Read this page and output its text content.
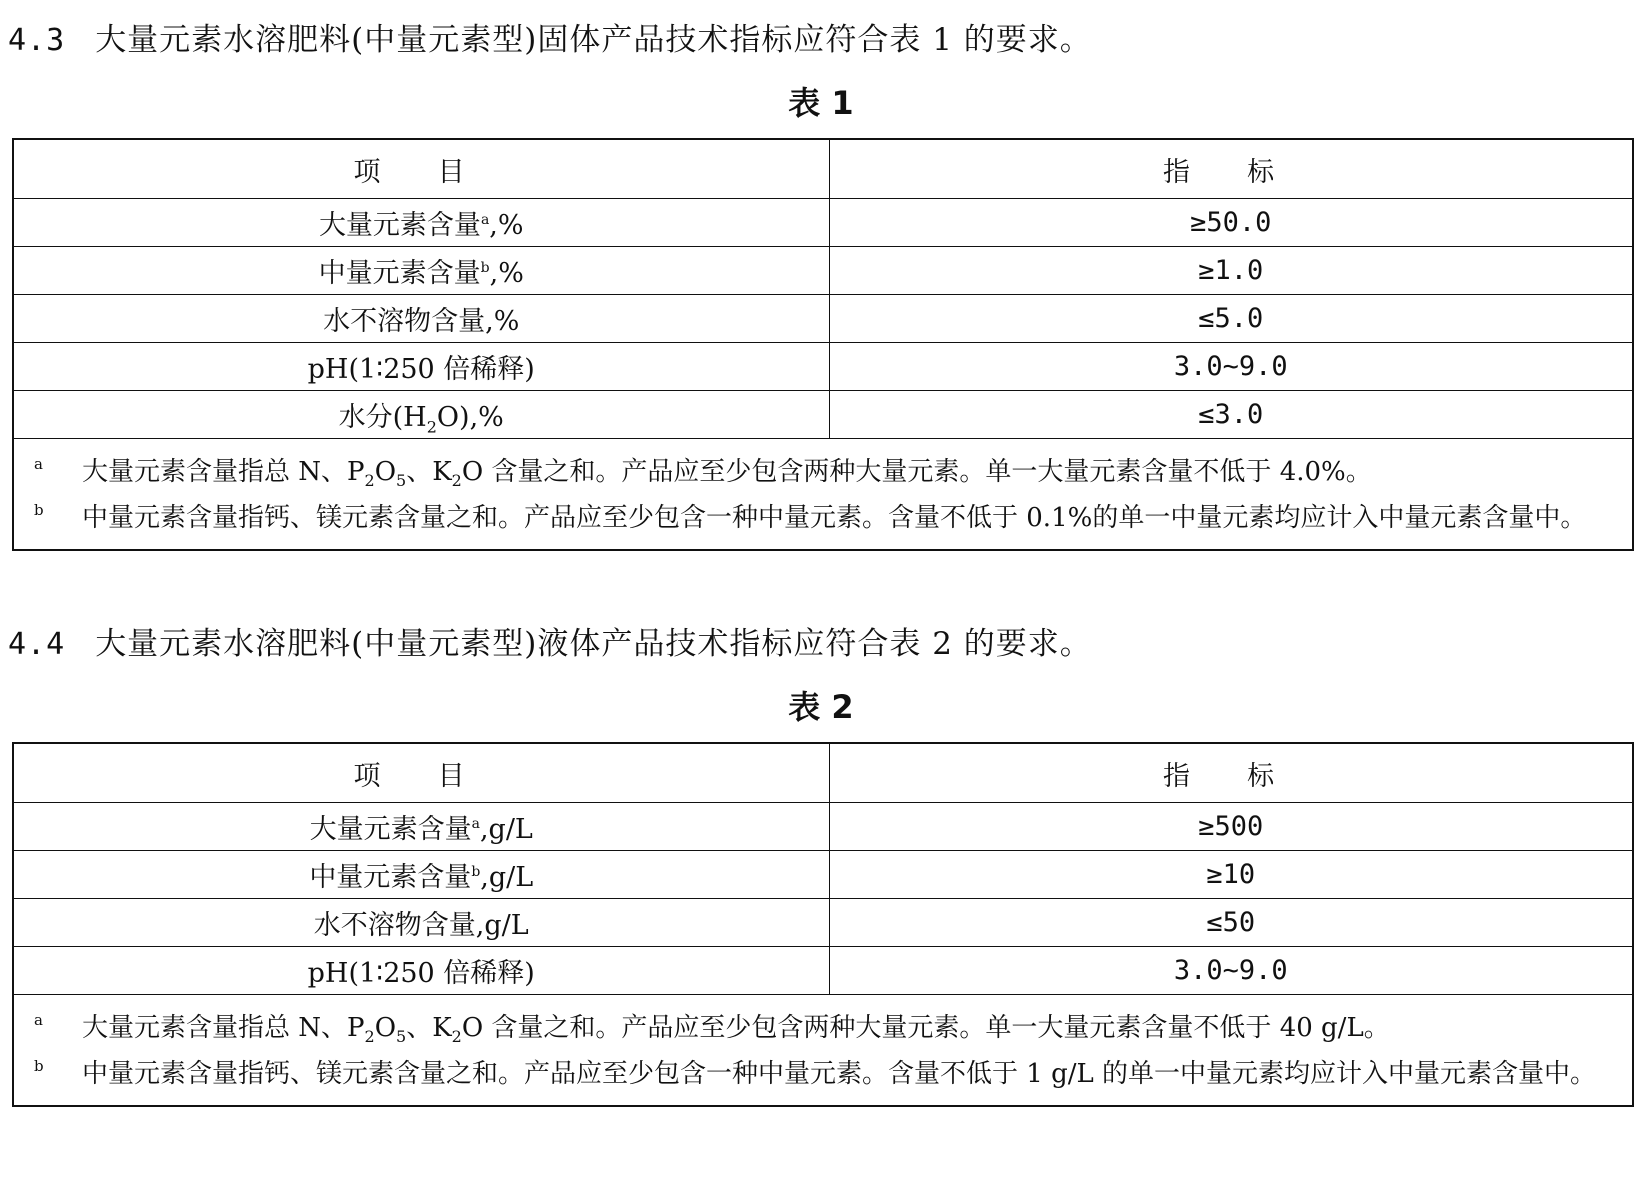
4.3 大量元素水溶肥料(中量元素型)固体产品技术指标应符合表 1 的要求。
表 1
项 目	指 标
大量元素含量$^a$,%	≥50.0
中量元素含量$^b$,%	≥1.0
水不溶物含量,%	≤5.0
pH(1∶250 倍稀释)	3.0~9.0
水分$(H_2O),\%$	≤3.0

a 大量元素含量指总 N、$P_2O_5$、$K_2O$ 含量之和。产品应至少包含两种大量元素。单一大量元素含量不低于 4.0%。
b 中量元素含量指钙、镁元素含量之和。产品应至少包含一种中量元素。含量不低于 0.1%的单一中量元素均应计入中量元素含量中。	
4.4 大量元素水溶肥料(中量元素型)液体产品技术指标应符合表 2 的要求。
表 2
项 目	指 标
大量元素含量$^a$,g/L	≥500
中量元素含量$^b$,g/L	≥10
水不溶物含量,g/L	≤50
pH(1∶250 倍稀释)	3.0~9.0

a 大量元素含量指总 N、$P_2O_5$、$K_2O$ 含量之和。产品应至少包含两种大量元素。单一大量元素含量不低于 40 g/L。
b 中量元素含量指钙、镁元素含量之和。产品应至少包含一种中量元素。含量不低于 1 g/L 的单一中量元素均应计入中量元素含量中。	
